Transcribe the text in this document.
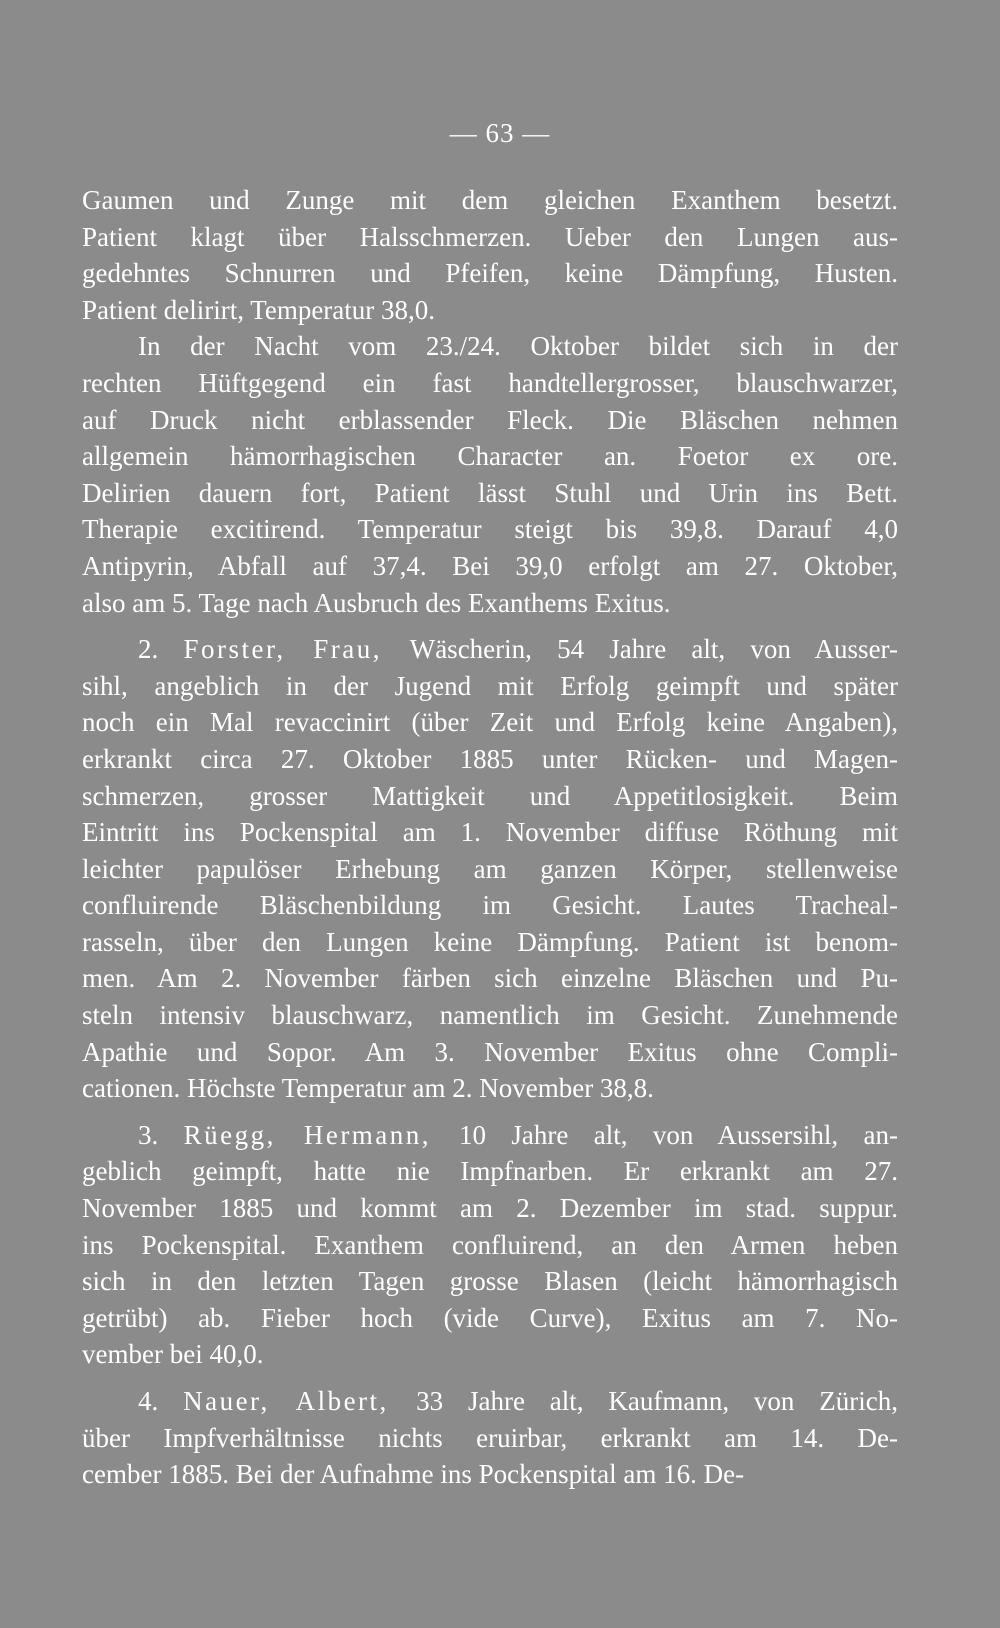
— 63 —
Gaumen und Zunge mit dem gleichen Exanthem besetzt.
Patient klagt über Halsschmerzen. Ueber den Lungen aus-
gedehntes Schnurren und Pfeifen, keine Dämpfung, Husten.
Patient delirirt, Temperatur 38,0.
In der Nacht vom 23./24. Oktober bildet sich in der
rechten Hüftgegend ein fast handtellergrosser, blauschwarzer,
auf Druck nicht erblassender Fleck. Die Bläschen nehmen
allgemein hämorrhagischen Character an. Foetor ex ore.
Delirien dauern fort, Patient lässt Stuhl und Urin ins Bett.
Therapie excitirend. Temperatur steigt bis 39,8. Darauf 4,0
Antipyrin, Abfall auf 37,4. Bei 39,0 erfolgt am 27. Oktober,
also am 5. Tage nach Ausbruch des Exanthems Exitus.
2. Forster, Frau, Wäscherin, 54 Jahre alt, von Ausser-
sihl, angeblich in der Jugend mit Erfolg geimpft und später
noch ein Mal revaccinirt (über Zeit und Erfolg keine Angaben),
erkrankt circa 27. Oktober 1885 unter Rücken- und Magen-
schmerzen, grosser Mattigkeit und Appetitlosigkeit. Beim
Eintritt ins Pockenspital am 1. November diffuse Röthung mit
leichter papulöser Erhebung am ganzen Körper, stellenweise
confluirende Bläschenbildung im Gesicht. Lautes Tracheal-
rasseln, über den Lungen keine Dämpfung. Patient ist benom-
men. Am 2. November färben sich einzelne Bläschen und Pu-
steln intensiv blauschwarz, namentlich im Gesicht. Zunehmende
Apathie und Sopor. Am 3. November Exitus ohne Compli-
cationen. Höchste Temperatur am 2. November 38,8.
3. Rüegg, Hermann, 10 Jahre alt, von Aussersihl, an-
geblich geimpft, hatte nie Impfnarben. Er erkrankt am 27.
November 1885 und kommt am 2. Dezember im stad. suppur.
ins Pockenspital. Exanthem confluirend, an den Armen heben
sich in den letzten Tagen grosse Blasen (leicht hämorrhagisch
getrübt) ab. Fieber hoch (vide Curve), Exitus am 7. No-
vember bei 40,0.
4. Nauer, Albert, 33 Jahre alt, Kaufmann, von Zürich,
über Impfverhältnisse nichts eruirbar, erkrankt am 14. De-
cember 1885. Bei der Aufnahme ins Pockenspital am 16. De-
